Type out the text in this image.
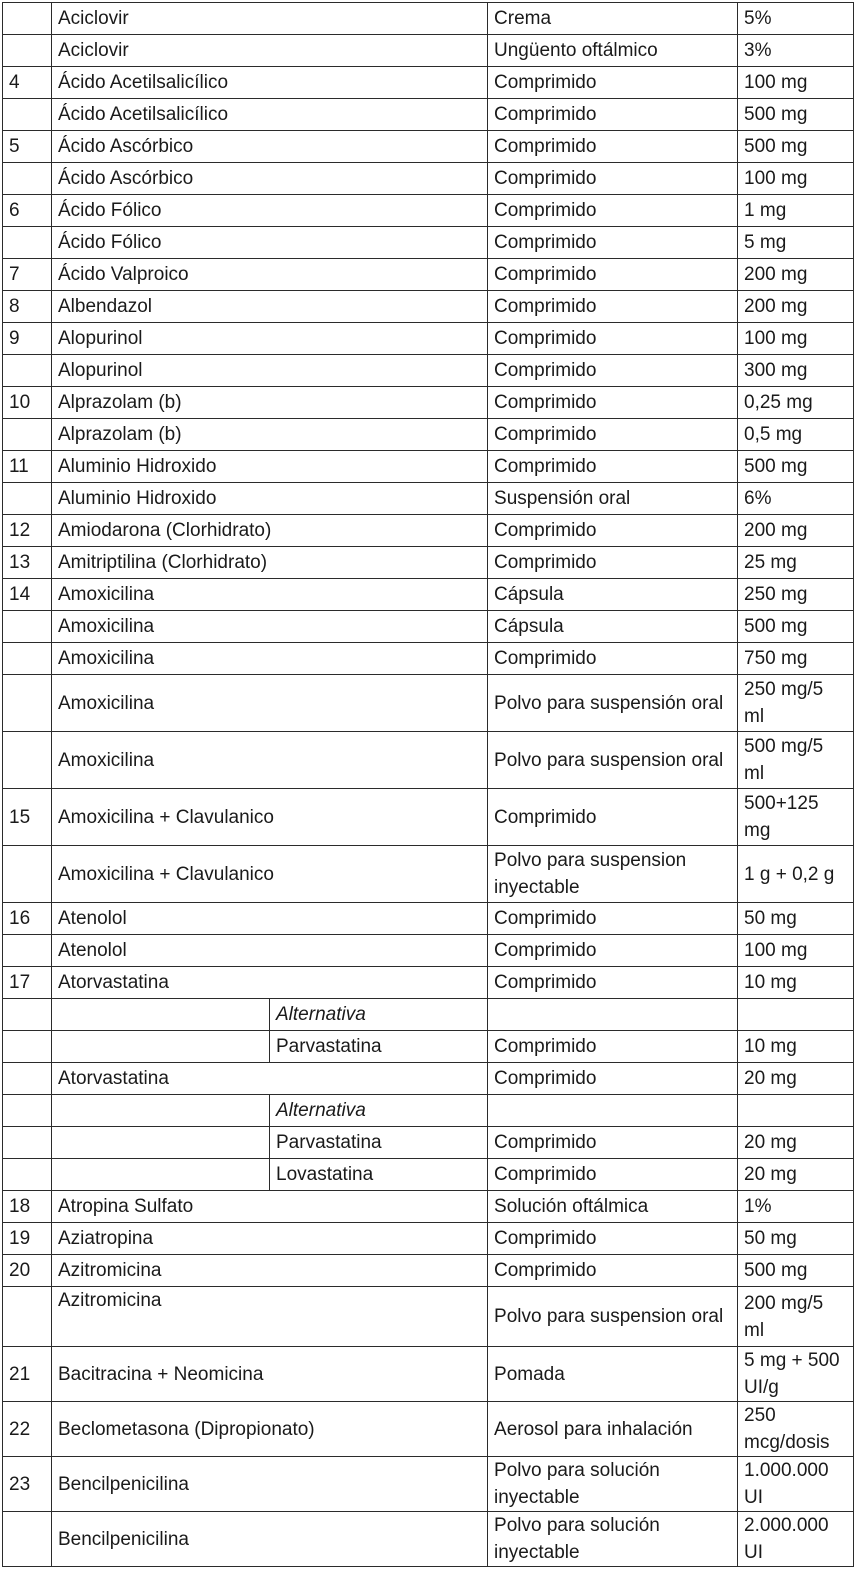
	Aciclovir		Crema	5%
	Aciclovir		Ungüento oftálmico	3%
4	Ácido Acetilsalicílico		Comprimido	100 mg
	Ácido Acetilsalicílico		Comprimido	500 mg
5	Ácido Ascórbico		Comprimido	500 mg
	Ácido Ascórbico		Comprimido	100 mg
6	Ácido Fólico		Comprimido	1 mg
	Ácido Fólico		Comprimido	5 mg
7	Ácido Valproico		Comprimido	200 mg
8	Albendazol		Comprimido	200 mg
9	Alopurinol		Comprimido	100 mg
	Alopurinol		Comprimido	300 mg
10	Alprazolam (b)		Comprimido	0,25 mg
	Alprazolam (b)		Comprimido	0,5 mg
11	Aluminio Hidroxido		Comprimido	500 mg
	Aluminio Hidroxido		Suspensión oral	6%
12	Amiodarona (Clorhidrato)		Comprimido	200 mg
13	Amitriptilina (Clorhidrato)		Comprimido	25 mg
14	Amoxicilina		Cápsula	250 mg
	Amoxicilina		Cápsula	500 mg
	Amoxicilina		Comprimido	750 mg
	Amoxicilina		Polvo para suspensión oral	250 mg/5 ml
	Amoxicilina		Polvo para suspension oral	500 mg/5 ml
15	Amoxicilina + Clavulanico		Comprimido	500+125 mg
	Amoxicilina + Clavulanico		Polvo para suspension inyectable	1 g + 0,2 g
16	Atenolol		Comprimido	50 mg
	Atenolol		Comprimido	100 mg
17	Atorvastatina		Comprimido	10 mg
		Alternativa		
		Parvastatina	Comprimido	10 mg
	Atorvastatina		Comprimido	20 mg
		Alternativa		
		Parvastatina	Comprimido	20 mg
		Lovastatina	Comprimido	20 mg
18	Atropina Sulfato		Solución oftálmica	1%
19	Aziatropina		Comprimido	50 mg
20	Azitromicina		Comprimido	500 mg
	Azitromicina		Polvo para suspension oral	200 mg/5 ml
21	Bacitracina + Neomicina		Pomada	5 mg + 500 UI/g
22	Beclometasona (Dipropionato)		Aerosol para inhalación	250 mcg/dosis
23	Bencilpenicilina		Polvo para solución inyectable	1.000.000 UI
	Bencilpenicilina		Polvo para solución inyectable	2.000.000 UI
